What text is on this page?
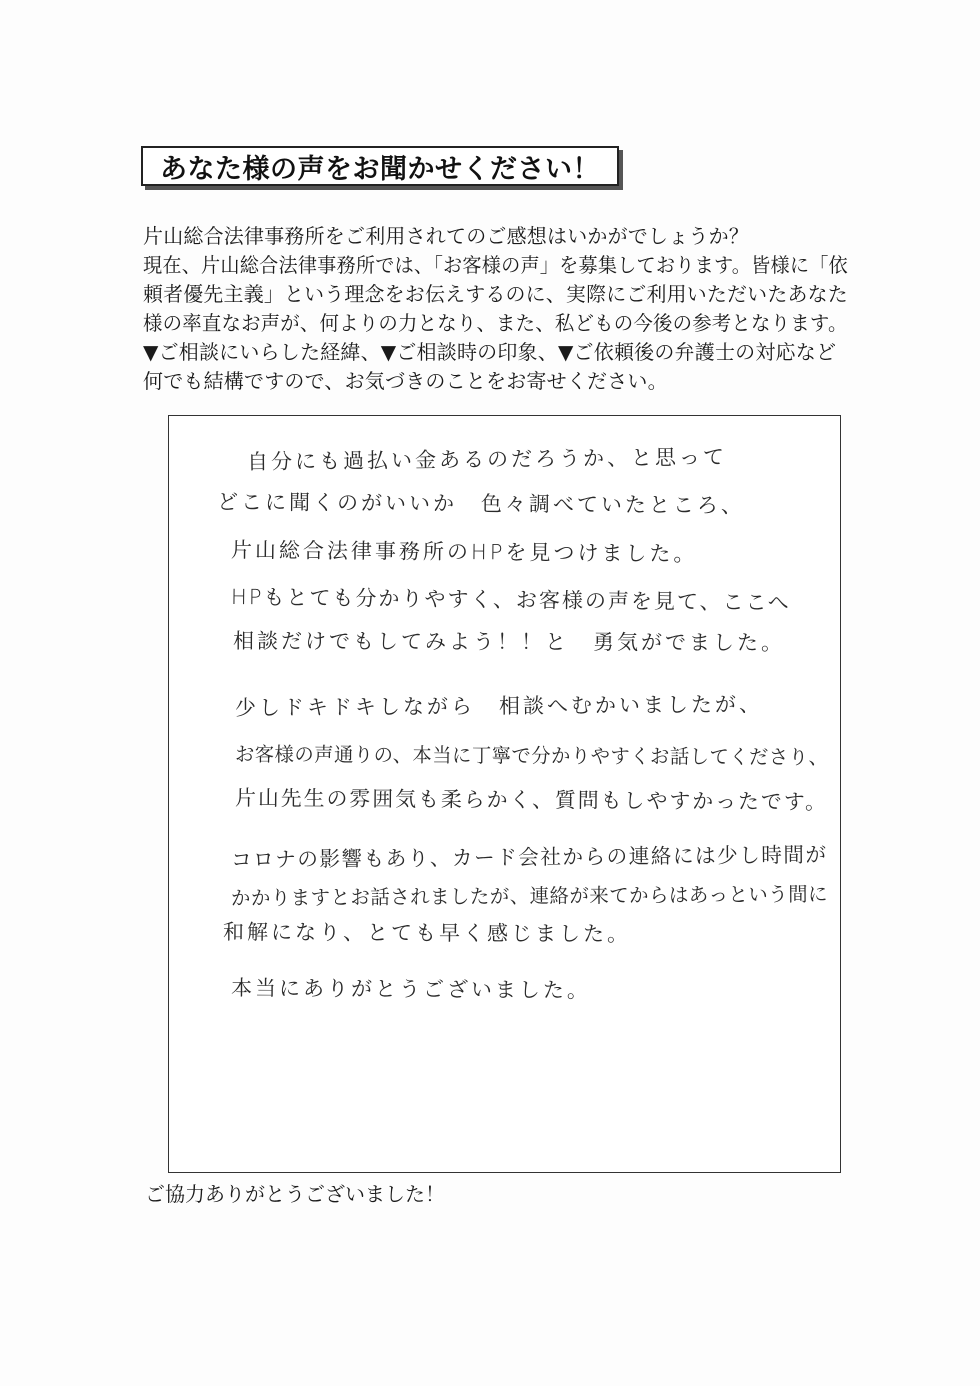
あなた様の声をお聞かせください！
片山総合法律事務所をご利用されてのご感想はいかがでしょうか？
現在、片山総合法律事務所では、「お客様の声」を募集しております。皆様に「依
頼者優先主義」という理念をお伝えするのに、実際にご利用いただいたあなた
様の率直なお声が、何よりの力となり、また、私どもの今後の参考となります。
▼ご相談にいらした経緯、▼ご相談時の印象、▼ご依頼後の弁護士の対応など
何でも結構ですので、お気づきのことをお寄せください。
自分にも過払い金あるのだろうか、と思って
どこに聞くのがいいか　色々調べていたところ、
片山総合法律事務所のHPを見つけました。
HPもとても分かりやすく、お客様の声を見て、ここへ
相談だけでもしてみよう！！と　勇気がでました。
少しドキドキしながら　相談へむかいましたが、
お客様の声通りの、本当に丁寧で分かりやすくお話してくださり、
片山先生の雰囲気も柔らかく、質問もしやすかったです。
コロナの影響もあり、カード会社からの連絡には少し時間が
かかりますとお話されましたが、連絡が来てからはあっという間に
和解になり、とても早く感じました。
本当にありがとうございました。
ご協力ありがとうございました！
